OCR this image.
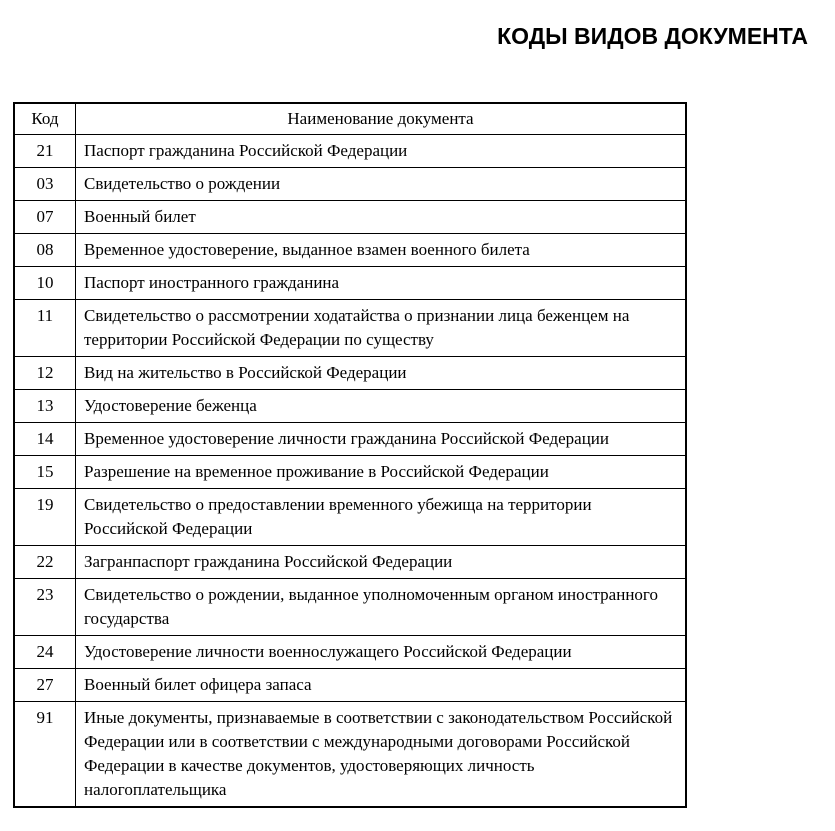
КОДЫ ВИДОВ ДОКУМЕНТА
Код	Наименование документа
21	Паспорт гражданина Российской Федерации
03	Свидетельство о рождении
07	Военный билет
08	Временное удостоверение, выданное взамен военного билета
10	Паспорт иностранного гражданина
11	Свидетельство о рассмотрении ходатайства о признании лица беженцем на территории Российской Федерации по существу
12	Вид на жительство в Российской Федерации
13	Удостоверение беженца
14	Временное удостоверение личности гражданина Российской Федерации
15	Разрешение на временное проживание в Российской Федерации
19	Свидетельство о предоставлении временного убежища на территории Российской Федерации
22	Загранпаспорт гражданина Российской Федерации
23	Свидетельство о рождении, выданное уполномоченным органом иностранного государства
24	Удостоверение личности военнослужащего Российской Федерации
27	Военный билет офицера запаса
91	Иные документы, признаваемые в соответствии с законодательством Российской Федерации или в соответствии с международными договорами Российской Федерации в качестве документов, удостоверяющих личность налогоплательщика
